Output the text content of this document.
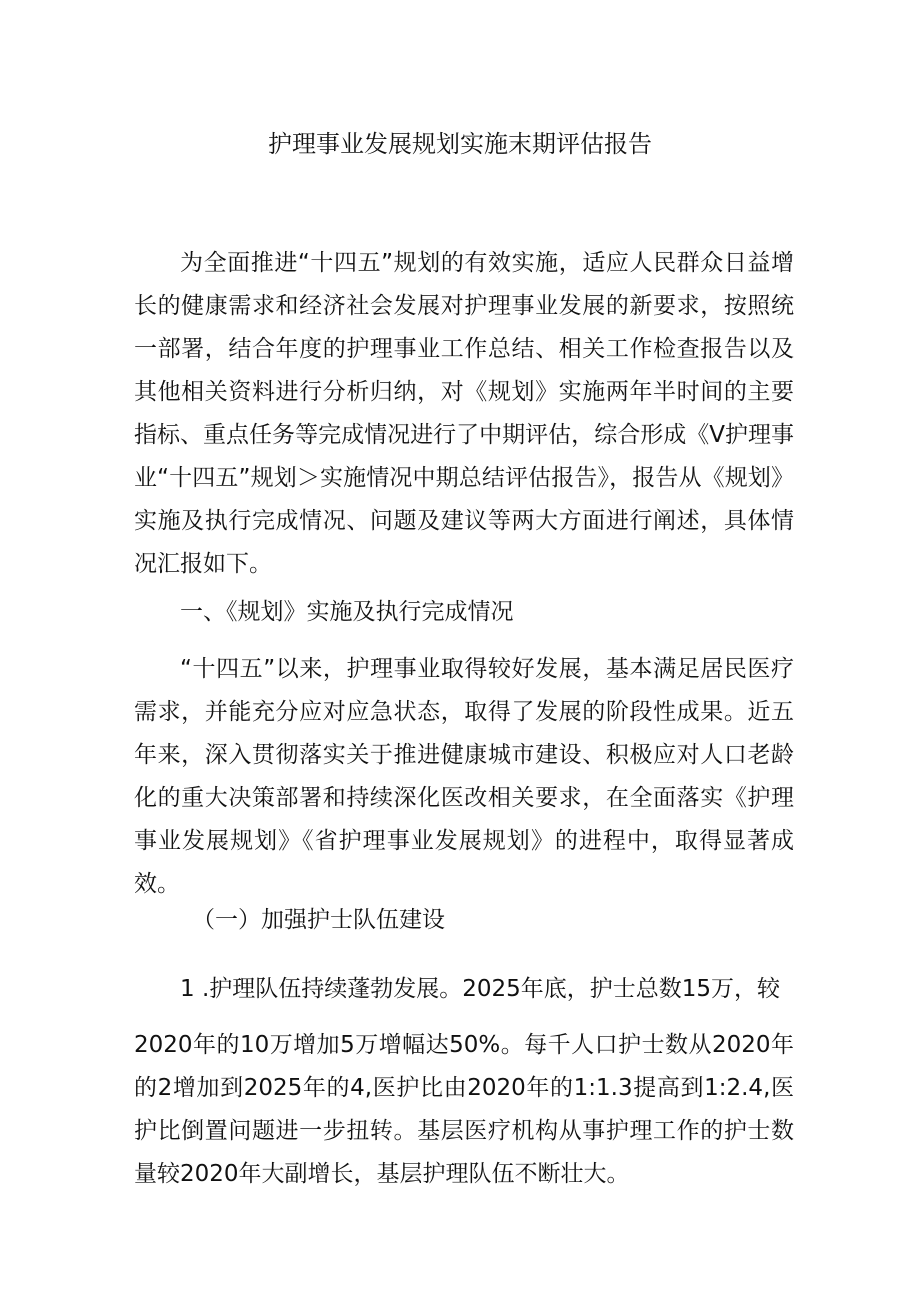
护理事业发展规划实施末期评估报告
为全面推进“十四五”规划的有效实施，适应人民群众日益增长的健康需求和经济社会发展对护理事业发展的新要求，按照统一部署，结合年度的护理事业工作总结、相关工作检查报告以及其他相关资料进行分析归纳，对《规划》实施两年半时间的主要指标、重点任务等完成情况进行了中期评估，综合形成《V护理事业“十四五”规划＞实施情况中期总结评估报告》，报告从《规划》实施及执行完成情况、问题及建议等两大方面进行阐述，具体情况汇报如下。
一、《规划》实施及执行完成情况
“十四五”以来，护理事业取得较好发展，基本满足居民医疗需求，并能充分应对应急状态，取得了发展的阶段性成果。近五年来，深入贯彻落实关于推进健康城市建设、积极应对人口老龄化的重大决策部署和持续深化医改相关要求，在全面落实《护理事业发展规划》《省护理事业发展规划》的进程中，取得显著成效。
（一）加强护士队伍建设
1 .护理队伍持续蓬勃发展。2025年底，护士总数15万，较
2020年的10万增加5万增幅达50%。每千人口护士数从2020年的2增加到2025年的4,医护比由2020年的1:1.3提高到1:2.4,医护比倒置问题进一步扭转。基层医疗机构从事护理工作的护士数量较2020年大副增长，基层护理队伍不断壮大。
